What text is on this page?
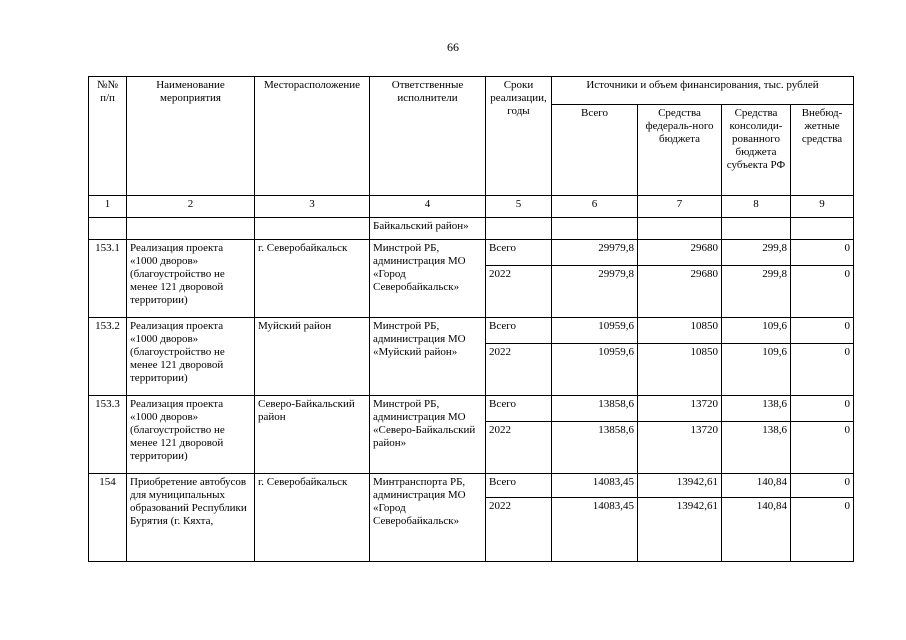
66
№№ п/п	Наименование мероприятия	Месторасположение	Ответственные исполнители	Сроки реализации, годы	Источники и объем финансирования, тыс. рублей			
					Всего	Средства федераль-ного бюджета	Средства консолиди-рованного бюджета субъекта РФ	Внебюд-жетные средства
1	2	3	4	5	6	7	8	9
			Байкальский район»					
153.1	Реализация проекта «1000 дворов» (благоустройство не менее 121 дворовой территории)	г. Северобайкальск	Минстрой РБ, администрация МО «Город Северобайкальск»	Всего	29979,8	29680	299,8	0
				2022	29979,8	29680	299,8	0
153.2	Реализация проекта «1000 дворов» (благоустройство не менее 121 дворовой территории)	Муйский район	Минстрой РБ, администрация МО «Муйский район»	Всего	10959,6	10850	109,6	0
				2022	10959,6	10850	109,6	0
153.3	Реализация проекта «1000 дворов» (благоустройство не менее 121 дворовой территории)	Северо-Байкальский район	Минстрой РБ, администрация МО «Северо-Байкальский район»	Всего	13858,6	13720	138,6	0
				2022	13858,6	13720	138,6	0
154	Приобретение автобусов для муниципальных образований Республики Бурятия (г. Кяхта,	г. Северобайкальск	Минтранспорта РБ, администрация МО «Город Северобайкальск»	Всего	14083,45	13942,61	140,84	0
				2022	14083,45	13942,61	140,84	0
